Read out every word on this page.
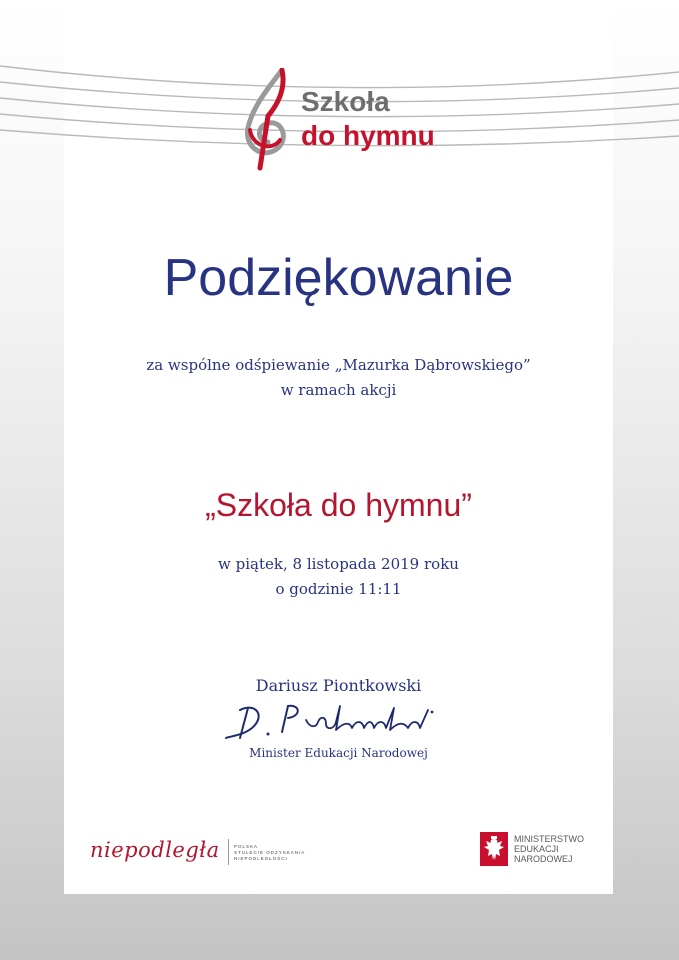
Szkoła
do hymnu
Podziękowanie
za wspólne odśpiewanie „Mazurka Dąbrowskiego”
w ramach akcji
„Szkoła do hymnu”
w piątek, 8 listopada 2019 roku
o godzinie 11:11
Dariusz Piontkowski
Minister Edukacji Narodowej
niepodległa	POLSKA
STULECIE ODZYSKANIA
NIEPODLEGŁOŚCI
MINISTERSTWO
EDUKACJI
NARODOWEJ
